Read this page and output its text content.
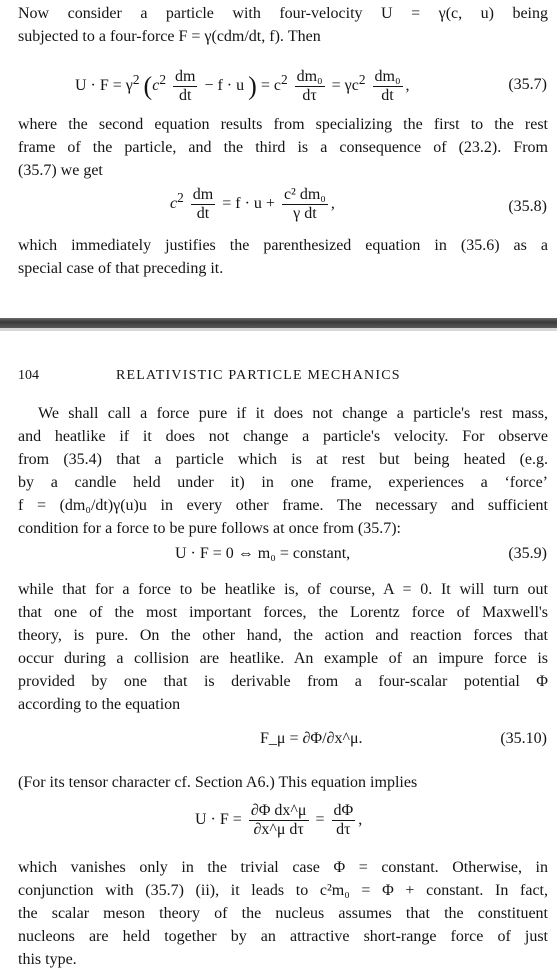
Now consider a particle with four-velocity U = γ(c, u) being
subjected to a four-force F = γ(cdm/dt, f). Then
$U \cdot F = \gamma^2$ ($c^2 \frac{dm}{dt} - f \cdot u$ ) = $c^2 \frac{\text{dm₀}}{d\tau} = \gamma c^2 \frac{\text{dm₀}}{dt}$ ,	(35.7)
where the second equation results from specializing the first to the rest
frame of the particle, and the third is a consequence of (23.2). From
(35.7) we get
$c^2 \frac{dm}{dt} = f \cdot u + \frac{\text{c² dm₀}}{\text{γ dt}}$ ,	(35.8)
which immediately justifies the parenthesized equation in (35.6) as a
special case of that preceding it.
104	RELATIVISTIC PARTICLE MECHANICS
We shall call a force pure if it does not change a particle's rest mass,
and heatlike if it does not change a particle's velocity. For observe
from (35.4) that a particle which is at rest but being heated (e.g.
by a candle held under it) in one frame, experiences a ‘force’
f = (dm₀/dt)γ(u)u in every other frame. The necessary and sufficient
condition for a force to be pure follows at once from (35.7):
U · F = 0 ⇔ m₀ = constant,	(35.9)
while that for a force to be heatlike is, of course, A = 0. It will turn out
that one of the most important forces, the Lorentz force of Maxwell's
theory, is pure. On the other hand, the action and reaction forces that
occur during a collision are heatlike. An example of an impure force is
provided by one that is derivable from a four-scalar potential Φ
according to the equation
F_μ = ∂Φ/∂x^μ.	(35.10)
(For its tensor character cf. Section A6.) This equation implies
$U \cdot F = \frac{\text{∂Φ dx\textasciicircum{}μ}}{\text{∂x\textasciicircum{}μ dτ}} = \frac{d\Phi}{d\tau}$ ,
which vanishes only in the trivial case Φ = constant. Otherwise, in
conjunction with (35.7) (ii), it leads to c²m₀ = Φ + constant. In fact,
the scalar meson theory of the nucleus assumes that the constituent
nucleons are held together by an attractive short-range force of just
this type.
